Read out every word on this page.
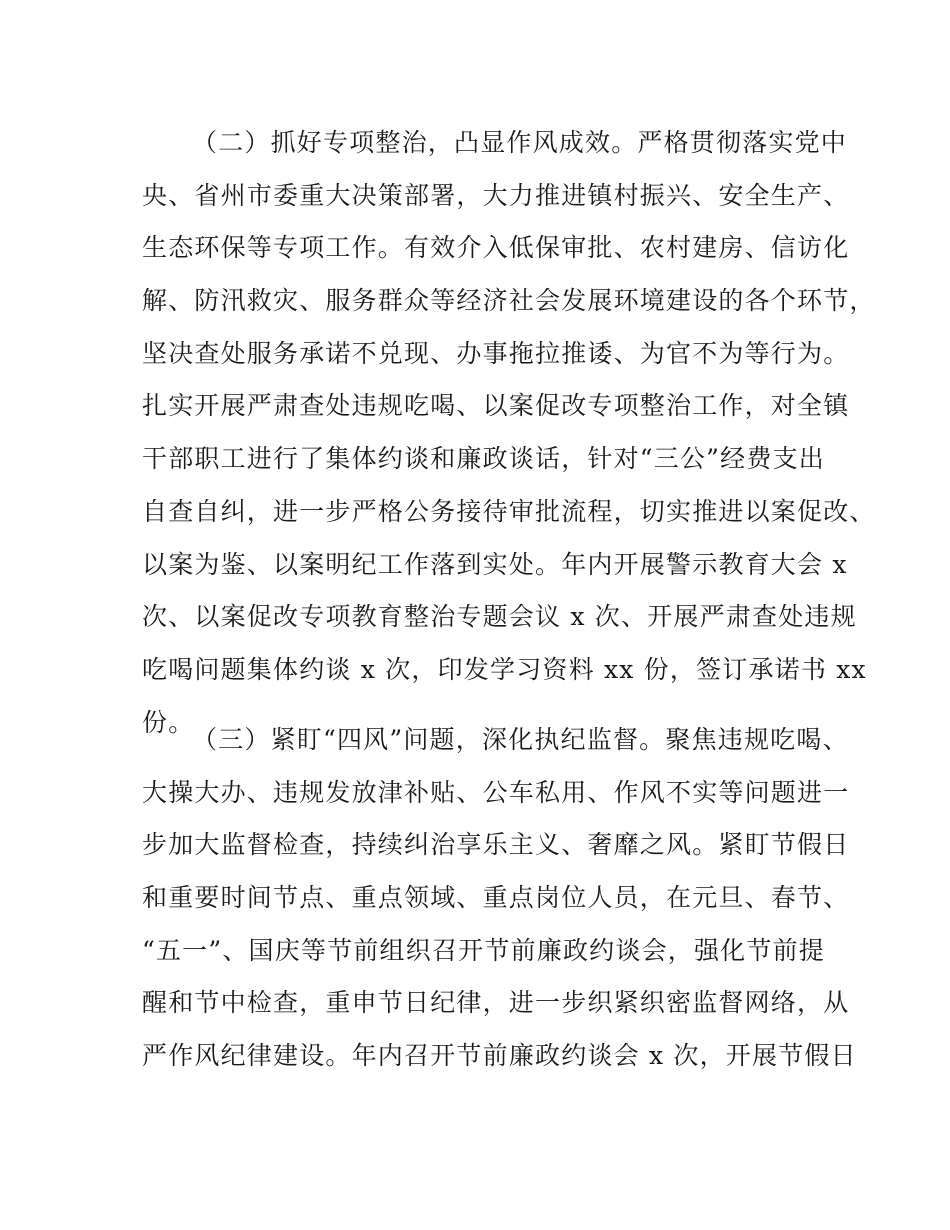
（二）抓好专项整治，凸显作风成效。严格贯彻落实党中
央、省州市委重大决策部署，大力推进镇村振兴、安全生产、
生态环保等专项工作。有效介入低保审批、农村建房、信访化
解、防汛救灾、服务群众等经济社会发展环境建设的各个环节，
坚决查处服务承诺不兑现、办事拖拉推诿、为官不为等行为。
扎实开展严肃查处违规吃喝、以案促改专项整治工作，对全镇
干部职工进行了集体约谈和廉政谈话，针对“三公”经费支出
自查自纠，进一步严格公务接待审批流程，切实推进以案促改、
以案为鉴、以案明纪工作落到实处。年内开展警示教育大会 x
次、以案促改专项教育整治专题会议 x 次、开展严肃查处违规
吃喝问题集体约谈 x 次，印发学习资料 xx 份，签订承诺书 xx
份。
（三）紧盯“四风”问题，深化执纪监督。聚焦违规吃喝、
大操大办、违规发放津补贴、公车私用、作风不实等问题进一
步加大监督检查，持续纠治享乐主义、奢靡之风。紧盯节假日
和重要时间节点、重点领域、重点岗位人员，在元旦、春节、
“五一”、国庆等节前组织召开节前廉政约谈会，强化节前提
醒和节中检查，重申节日纪律，进一步织紧织密监督网络，从
严作风纪律建设。年内召开节前廉政约谈会 x 次，开展节假日
